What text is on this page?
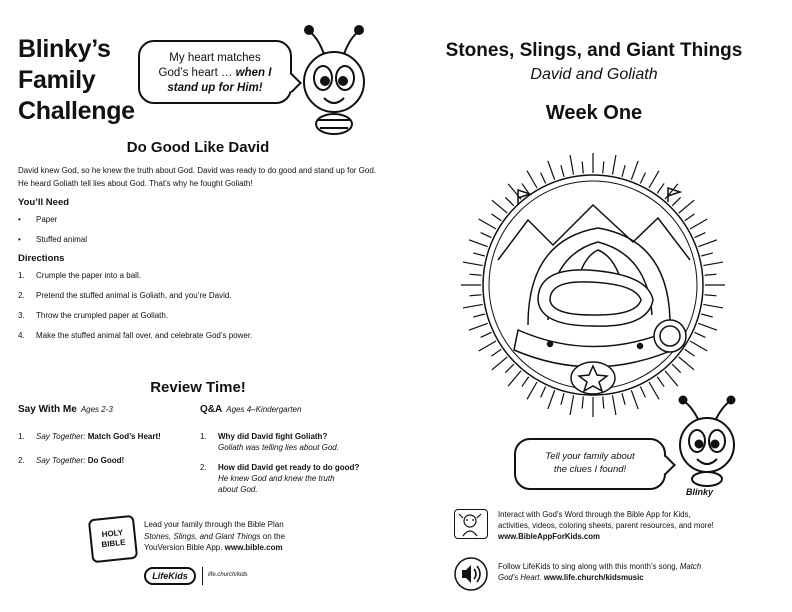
Blinky’s
Family
Challenge
My heart matches
God’s heart … when I
stand up for Him!
Do Good Like David

David knew God, so he knew the truth about God. David was ready to do good and stand up for God. He heard Goliath tell lies about God. That’s why he fought Goliath!

You’ll Need
• Paper
• Stuffed animal
Directions
1. Crumple the paper into a ball.
2. Pretend the stuffed animal is Goliath, and you’re David.
3. Throw the crumpled paper at Goliath.
4. Make the stuffed animal fall over, and celebrate God’s power.
Review Time!
Say With Me Ages 2-3
1.	Say Together: Match God’s Heart!
2.	Say Together: Do Good!
Q&A Ages 4–Kindergarten
1. Why did David fight Goliath?
Goliath was telling lies about God.
2. How did David get ready to do good?
He knew God and knew the truth
about God.
HOLY
BIBLE
Lead your family through the Bible Plan
Stones, Slings, and Giant Things on the
YouVersion Bible App. www.bible.com
LifeKids	life.church/kids
Stones, Slings, and Giant Things
David and Goliath
Week One
Tell your family about
the clues I found!
Blinky
Interact with God’s Word through the Bible App for Kids,
activities, videos, coloring sheets, parent resources, and more!
www.BibleAppForKids.com
Follow LifeKids to sing along with this month’s song, Match
God’s Heart. www.life.church/kidsmusic
